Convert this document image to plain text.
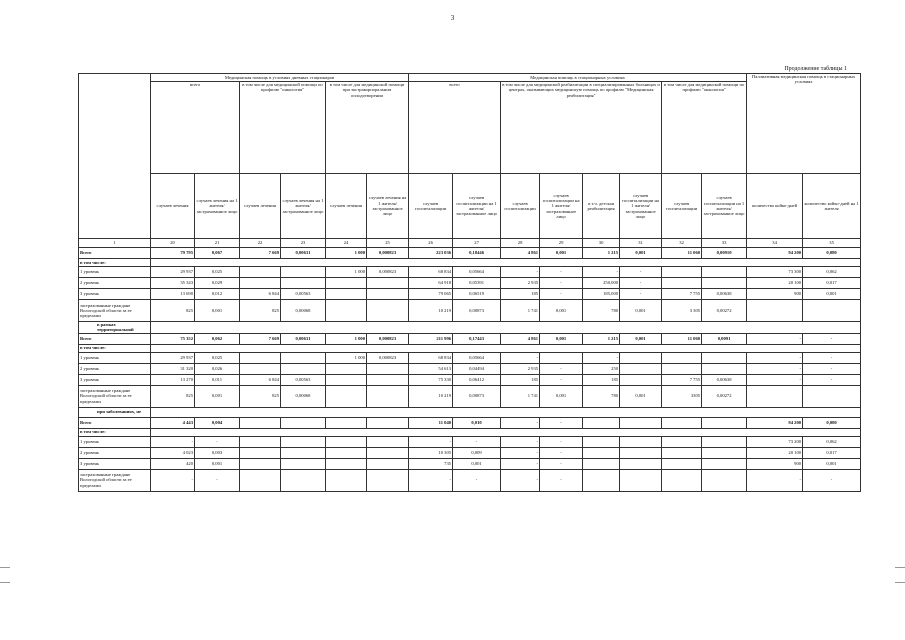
3
Продолжение таблицы 1
	Медицинская помощь в условиях дневных стационаров						Медицинская помощь в стационарных условиях								Паллиативная медицинская помощь в стационарных условиях	
	всего		в том числе для медицинской помощи по профилю "онкология"		в том числе для медицинской помощи при экстракорпоральном оплодотворении		всего		в том числе для медицинской реабилитации в специализированных больницах и центрах, оказывающих медицинскую помощь по профилю "Медицинская реабилитация"				в том числе для медицинской помощи по профилю "онкология"			
	случаев лечения	случаев лечения на 1 жителя/застрахованное лицо	случаев лечения	случаев лечения на 1 жителя/застрахованное лицо	случаев лечения	случаев лечения на 1 жителя/застрахованное лицо	случаев госпитализации	случаев госпитализации на 1 жителя/застрахованное лицо	случаев госпитализации	случаев госпитализации на 1 жителя/застрахованное лицо	в т.ч. детская реабилитация	случаев госпитализации на 1 жителя/застрахованное лицо	случаев госпитализации	случаев госпитализации на 1 жителя/застрахованное лицо	количество койко-дней	количество койко-дней на 1 жителя
1	20	21	22	23	24	25	26	27	28	29	30	31	32	33	34	35
Всего	79 795	0,067	7 669	0,00631	1 000	0,000823	223 036	0,18446	4 861	0,001	1 215	0,001	11 060	0,00910	94 200	0,080
в том числе:																
1 уровень	29 937	0,025			1 000	0,000823	68 834	0,05664	-	-	-	-			73 300	0,062
2 уровень	35 343	0,029					64 918	0,05391	2 935	-	250,000	-			20 100	0,017
3 уровень	13 690	0,012	6 844	0,00563			79 065	0,06519	185	-	185,000	-	7 755	0,00638	900	0,001
застрахованные граждане Вологодской области за ее пределами	825	0,001	825	0,00068			10 219	0,00873	1 741	0,001	780	0,001	3 305	0,00272		
в рамках территориальной																
Всего	75 352	0,062	7 669	0,00631	1 000	0,000823	211 996	0,17443	4 861	0,001	1 215	0,001	11 060	0,0091	-	-
в том числе:																
1 уровень	29 937	0,025			1 000	0,000823	68 834	0,05664	-		-				-	-
2 уровень	31 320	0,026					54 613	0,04494	2 935	-	250				-	-
3 уровень	13 270	0,011	6 844	0,00563			75 330	0,06412	185	-	185		7 755	0,00638	-	-
застрахованные граждане Вологодской области за ее пределами	825	0,001	825	0,00068			10 219	0,00873	1 741	0,001	780	0,001	3305	0,00272		
при заболеваниях, не																
Всего	4 443	0,004					11 040	0,010	-	-					94 200	0,080
в том числе:																
1 уровень	-	-					-	-	-	-					73 200	0,062
2 уровень	4 023	0,003					10 305	0,009	-	-					20 100	0,017
3 уровень	420	0,001					735	0,001	-	-					900	0,001
застрахованные граждане Вологодской области за ее пределами	-	-					-	-	-	-					-	-
